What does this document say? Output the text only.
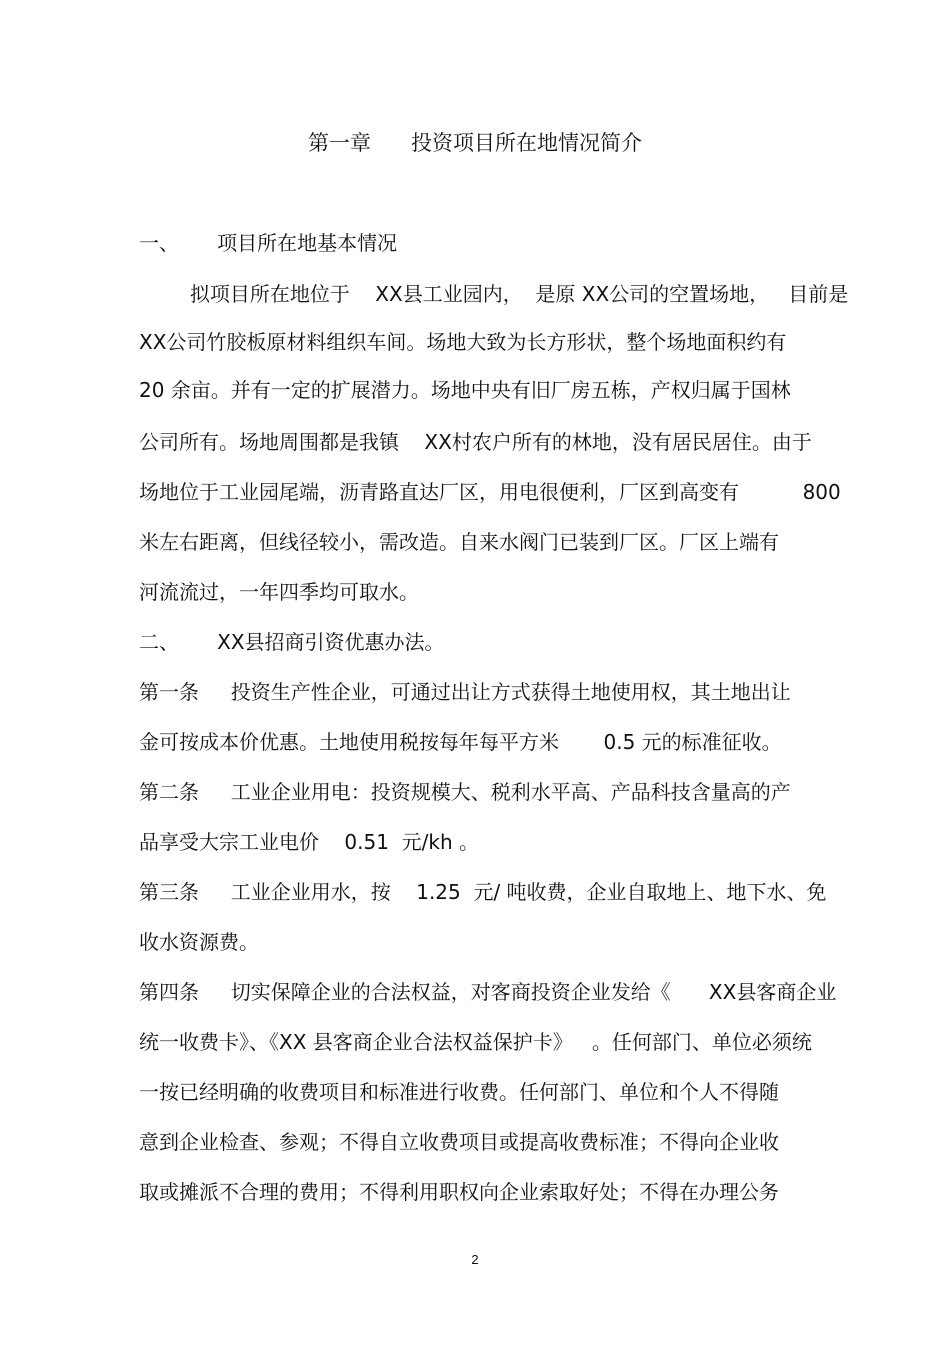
第一章      投资项目所在地情况简介
一、      项目所在地基本情况
拟项目所在地位于    XX县工业园内，  是原 XX公司的空置场地，   目前是
XX公司竹胶板原材料组织车间。场地大致为长方形状，整个场地面积约有
20 余亩。并有一定的扩展潜力。场地中央有旧厂房五栋，产权归属于国林
公司所有。场地周围都是我镇    XX村农户所有的林地，没有居民居住。由于
场地位于工业园尾端，沥青路直达厂区，用电很便利，厂区到高变有          800
米左右距离，但线径较小，需改造。自来水阀门已装到厂区。厂区上端有
河流流过，一年四季均可取水。
二、      XX县招商引资优惠办法。
第一条     投资生产性企业，可通过出让方式获得土地使用权，其土地出让
金可按成本价优惠。土地使用税按每年每平方米       0.5 元的标准征收。
第二条     工业企业用电：投资规模大、税利水平高、产品科技含量高的产
品享受大宗工业电价    0.51  元/kh 。
第三条     工业企业用水，按    1.25  元/ 吨收费，企业自取地上、地下水、免
收水资源费。
第四条     切实保障企业的合法权益，对客商投资企业发给《      XX县客商企业
统一收费卡》、《XX 县客商企业合法权益保护卡》   。任何部门、单位必须统
一按已经明确的收费项目和标准进行收费。任何部门、单位和个人不得随
意到企业检查、参观；不得自立收费项目或提高收费标准；不得向企业收
取或摊派不合理的费用；不得利用职权向企业索取好处；不得在办理公务
2
